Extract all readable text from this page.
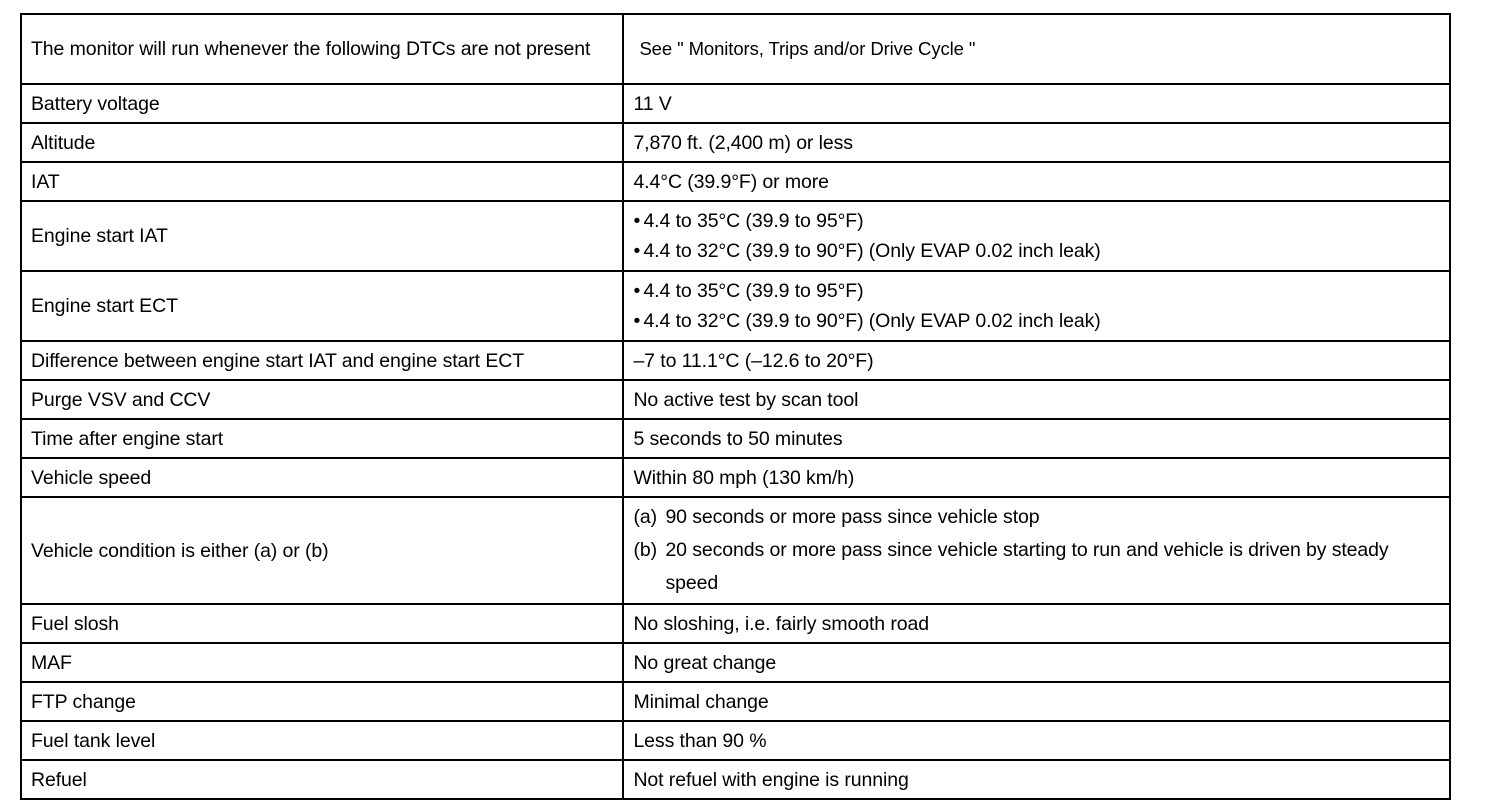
The monitor will run whenever the following DTCs are not present	See " Monitors, Trips and/or Drive Cycle "
Battery voltage	11 V
Altitude	7,870 ft. (2,400 m) or less
IAT	4.4°C (39.9°F) or more
Engine start IAT	• 4.4 to 35°C (39.9 to 95°F)
• 4.4 to 32°C (39.9 to 90°F) (Only EVAP 0.02 inch leak)

Engine start ECT	• 4.4 to 35°C (39.9 to 95°F)
• 4.4 to 32°C (39.9 to 90°F) (Only EVAP 0.02 inch leak)

Difference between engine start IAT and engine start ECT	–7 to 11.1°C (–12.6 to 20°F)
Purge VSV and CCV	No active test by scan tool
Time after engine start	5 seconds to 50 minutes
Vehicle speed	Within 80 mph (130 km/h)
Vehicle condition is either (a) or (b)	(a) 90 seconds or more pass since vehicle stop
(b) 20 seconds or more pass since vehicle starting to run and vehicle is driven by steady speed

Fuel slosh	No sloshing, i.e. fairly smooth road
MAF	No great change
FTP change	Minimal change
Fuel tank level	Less than 90 %
Refuel	Not refuel with engine is running
